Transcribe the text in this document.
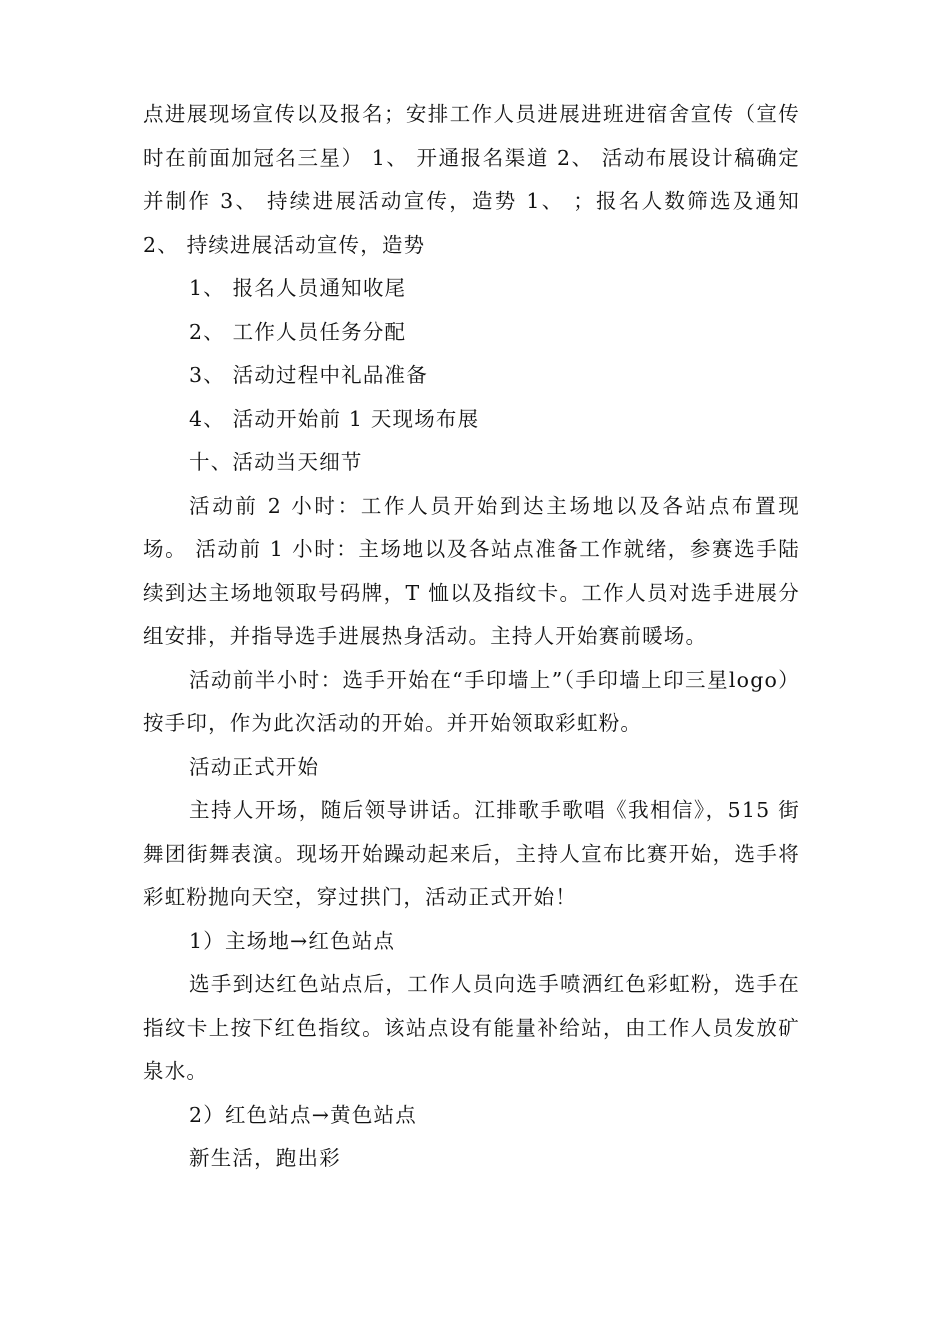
点进展现场宣传以及报名；安排工作人员进展进班进宿舍宣传（宣传时在前面加冠名三星） 1、 开通报名渠道 2、 活动布展设计稿确定并制作 3、 持续进展活动宣传，造势 1、 ；报名人数筛选及通知 2、 持续进展活动宣传，造势

1、 报名人员通知收尾

2、 工作人员任务分配

3、 活动过程中礼品准备

4、 活动开始前 1 天现场布展

十、活动当天细节

活动前 2 小时：工作人员开始到达主场地以及各站点布置现场。 活动前 1 小时：主场地以及各站点准备工作就绪，参赛选手陆续到达主场地领取号码牌，T 恤以及指纹卡。工作人员对选手进展分组安排，并指导选手进展热身活动。主持人开始赛前暖场。

活动前半小时：选手开始在“手印墙上”（手印墙上印三星logo）按手印，作为此次活动的开始。并开始领取彩虹粉。

活动正式开始

主持人开场，随后领导讲话。江排歌手歌唱《我相信》，515 街舞团街舞表演。现场开始躁动起来后，主持人宣布比赛开始，选手将彩虹粉抛向天空，穿过拱门，活动正式开始！

1）主场地→红色站点

选手到达红色站点后，工作人员向选手喷洒红色彩虹粉，选手在指纹卡上按下红色指纹。该站点设有能量补给站，由工作人员发放矿泉水。

2）红色站点→黄色站点

新生活，跑出彩
